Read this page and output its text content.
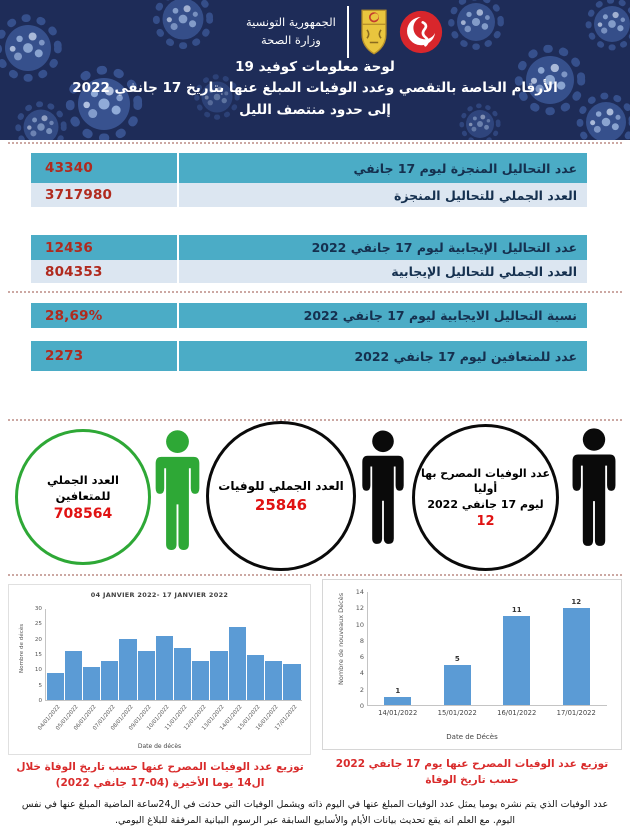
الجمهورية التونسية
وزارة الصحة
لوحة معلومات كوفيد 19
الأرقام الخاصة بالتقصي وعدد الوفيات المبلغ عنها بتاريخ 17 جانفي 2022
إلى حدود منتصف الليل
43340	عدد التحاليل المنجزة ليوم 17 جانفي
3717980	العدد الجملي للتحاليل المنجزة
12436	عدد التحاليل الإيجابية ليوم 17 جانفي 2022
804353	العدد الجملي للتحاليل الإيجابية
28,69%	نسبة التحاليل الايجابية ليوم 17 جانفي 2022
2273	عدد للمتعافين ليوم 17 جانفي 2022
العدد الجملي للمتعافين
708564
العدد الجملي للوفيات
25846
عدد الوفيات المصرح بها
أوليا
ليوم 17 جانفي 2022
12
04 JANVIER 2022- 17 JANVIER 2022
Nombre de décès
0
5
10
15
20
25
30
04/01/2022
05/01/2022
06/01/2022
07/01/2022
08/01/2022
09/01/2022
10/01/2022
11/01/2022
12/01/2022
13/01/2022
14/01/2022
15/01/2022
16/01/2022
17/01/2022
Date de décès
Nombre de nouveaux Décès
0
2
4
6
8
10
12
14
1
5
11
12
14/01/2022	15/01/2022	16/01/2022	17/01/2022
Date de Décès
توزيع عدد الوفيات المصرح عنها حسب تاريخ الوفاة خلال ال14 يوما الأخيرة (04-17 جانفي 2022)
توزيع عدد الوفيات المصرح عنها يوم 17 جانفي 2022 حسب تاريخ الوفاة
عدد الوفيات الذي يتم نشره يوميا يمثل عدد الوفيات المبلغ عنها في اليوم ذاته ويشمل الوفيات التي حدثت في ال24ساعة الماضية المبلغ عنها في نفس اليوم. مع العلم انه يقع تحديث بيانات الأيام والأسابيع السابقة عبر الرسوم البيانية المرفقة للبلاغ اليومي.
